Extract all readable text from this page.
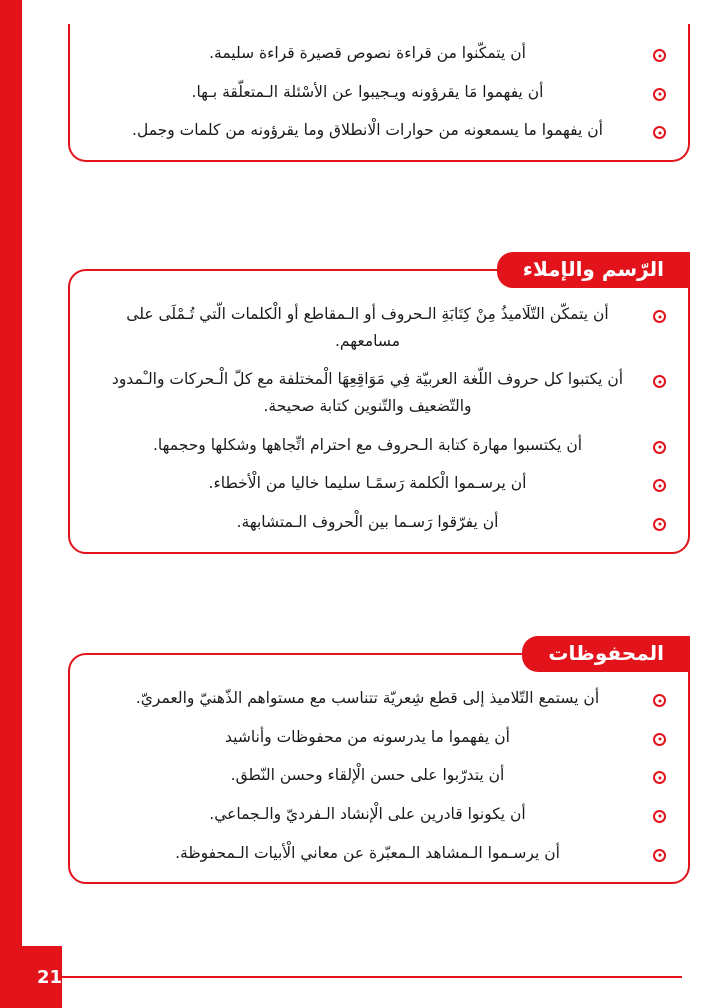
أن يتمكّنوا من قراءة نصوص قصيرة قراءة سليمة.
أن يفهموا مَا يقرؤونه ويـجيبوا عن الأسْئلة الـمتعلّقة بـها.
أن يفهموا ما يسمعونه من حوارات الْانطلاق وما يقرؤونه من كلمات وجمل.
الرّسم والإملاء
أن يتمكّن التّلَاميذُ مِنْ كِتَابَةِ الـحروف أو الـمقاطع أو الْكلمات الّتي تُـمْلَى على مسامعهم.
أن يكتبوا كل حروف اللّغة العربيّة فِي مَوَاقِعِهَا الْمختلفة مع كلّ الْـحركات والـْمدود والتّضعيف والتّنوين كتابة صحيحة.
أن يكتسبوا مهارة كتابة الـحروف مع احترام اتِّجاهها وشكلها وحجمها.
أن يرسـموا الْكلمة رَسمًـا سليما خاليا من الْأخطاء.
أن يفرّقوا رَسـما بين الْحروف الـمتشابهة.
المحفوظات
أن يستمع التّلاميذ إلى قطع شِعريّة تتناسب مع مستواهم الذّهنيّ والعمريّ.
أن يفهموا ما يدرسونه من محفوظات وأناشيد
أن يتدرّبوا على حسن الْإلقاء وحسن النّطق.
أن يكونوا قادرين على الْإنشاد الـفرديّ والـجماعي.
أن يرسـموا الـمشاهد الـمعبّرة عن معاني الْأبيات الـمحفوظة.
21
